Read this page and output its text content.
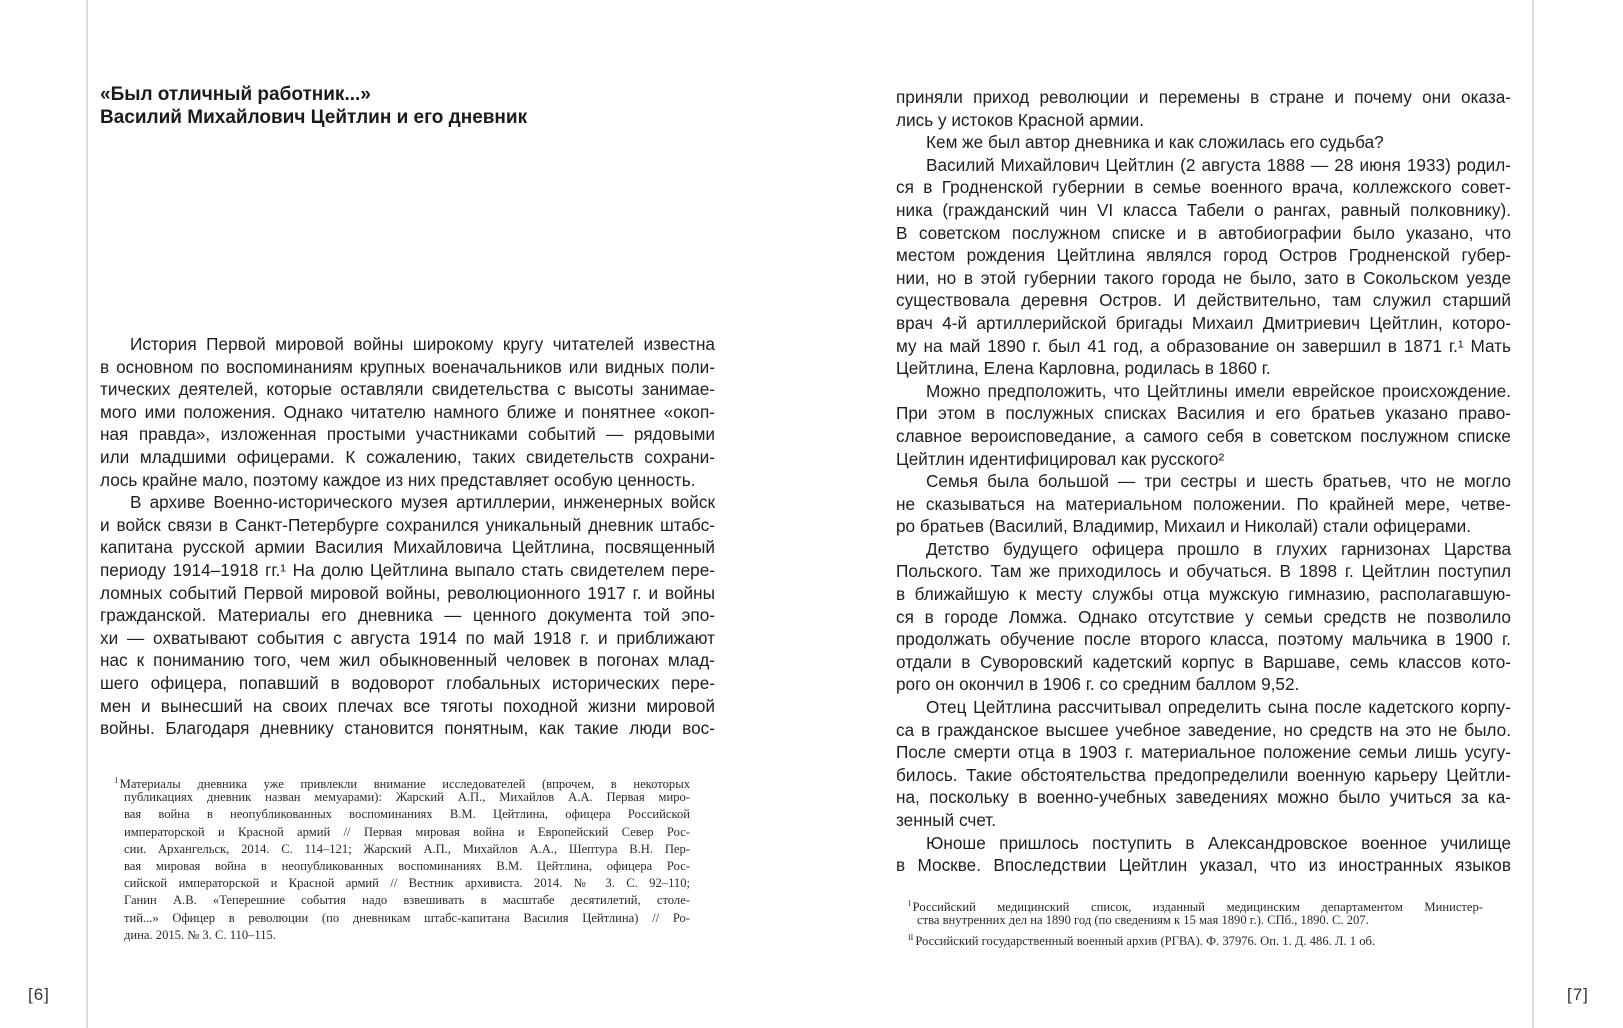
«Был отличный работник...»
Василий Михайлович Цейтлин и его дневник
История Первой мировой войны широкому кругу читателей известна
в основном по воспоминаниям крупных военачальников или видных поли-
тических деятелей, которые оставляли свидетельства с высоты занимае-
мого ими положения. Однако читателю намного ближе и понятнее «окоп-
ная правда», изложенная простыми участниками событий — рядовыми
или младшими офицерами. К сожалению, таких свидетельств сохрани-
лось крайне мало, поэтому каждое из них представляет особую ценность.
В архиве Военно-исторического музея артиллерии, инженерных войск
и войск связи в Санкт-Петербурге сохранился уникальный дневник штабс-
капитана русской армии Василия Михайловича Цейтлина, посвященный
периоду 1914–1918 гг.¹ На долю Цейтлина выпало стать свидетелем пере-
ломных событий Первой мировой войны, революционного 1917 г. и войны
гражданской. Материалы его дневника — ценного документа той эпо-
хи — охватывают события с августа 1914 по май 1918 г. и приближают
нас к пониманию того, чем жил обыкновенный человек в погонах млад-
шего офицера, попавший в водоворот глобальных исторических пере-
мен и вынесший на своих плечах все тяготы походной жизни мировой
войны. Благодаря дневнику становится понятным, как такие люди вос-
$^I$ Материалы дневника уже привлекли внимание исследователей (впрочем, в некоторых
публикациях дневник назван мемуарами): Жарский А.П., Михайлов А.А. Первая миро-
вая война в неопубликованных воспоминаниях В.М. Цейтлина, офицера Российской
императорской и Красной армий // Первая мировая война и Европейский Север Рос-
сии. Архангельск, 2014. С. 114–121; Жарский А.П., Михайлов А.А., Шептура В.Н. Пер-
вая мировая война в неопубликованных воспоминаниях В.М. Цейтлина, офицера Рос-
сийской императорской и Красной армий // Вестник архивиста. 2014. № 3. С. 92–110;
Ганин А.В. «Теперешние события надо взвешивать в масштабе десятилетий, столе-
тий...» Офицер в революции (по дневникам штабс-капитана Василия Цейтлина) // Ро-
дина. 2015. № 3. С. 110–115.
приняли приход революции и перемены в стране и почему они оказа-
лись у истоков Красной армии.
Кем же был автор дневника и как сложилась его судьба?
Василий Михайлович Цейтлин (2 августа 1888 — 28 июня 1933) родил-
ся в Гродненской губернии в семье военного врача, коллежского совет-
ника (гражданский чин VI класса Табели о рангах, равный полковнику).
В советском послужном списке и в автобиографии было указано, что
местом рождения Цейтлина являлся город Остров Гродненской губер-
нии, но в этой губернии такого города не было, зато в Сокольском уезде
существовала деревня Остров. И действительно, там служил старший
врач 4-й артиллерийской бригады Михаил Дмитриевич Цейтлин, которо-
му на май 1890 г. был 41 год, а образование он завершил в 1871 г.¹ Мать
Цейтлина, Елена Карловна, родилась в 1860 г.
Можно предположить, что Цейтлины имели еврейское происхождение.
При этом в послужных списках Василия и его братьев указано право-
славное вероисповедание, а самого себя в советском послужном списке
Цейтлин идентифицировал как русского²
Семья была большой — три сестры и шесть братьев, что не могло
не сказываться на материальном положении. По крайней мере, четве-
ро братьев (Василий, Владимир, Михаил и Николай) стали офицерами.
Детство будущего офицера прошло в глухих гарнизонах Царства
Польского. Там же приходилось и обучаться. В 1898 г. Цейтлин поступил
в ближайшую к месту службы отца мужскую гимназию, располагавшую-
ся в городе Ломжа. Однако отсутствие у семьи средств не позволило
продолжать обучение после второго класса, поэтому мальчика в 1900 г.
отдали в Суворовский кадетский корпус в Варшаве, семь классов кото-
рого он окончил в 1906 г. со средним баллом 9,52.
Отец Цейтлина рассчитывал определить сына после кадетского корпу-
са в гражданское высшее учебное заведение, но средств на это не было.
После смерти отца в 1903 г. материальное положение семьи лишь усугу-
билось. Такие обстоятельства предопределили военную карьеру Цейтли-
на, поскольку в военно-учебных заведениях можно было учиться за ка-
зенный счет.
Юноше пришлось поступить в Александровское военное училище
в Москве. Впоследствии Цейтлин указал, что из иностранных языков
$^I$ Российский медицинский список, изданный медицинским департаментом Министер-
ства внутренних дел на 1890 год (по сведениям к 15 мая 1890 г.). СПб., 1890. С. 207.
$^{II}$ Российский государственный военный архив (РГВА). Ф. 37976. Оп. 1. Д. 486. Л. 1 об.
[6]	[7]
